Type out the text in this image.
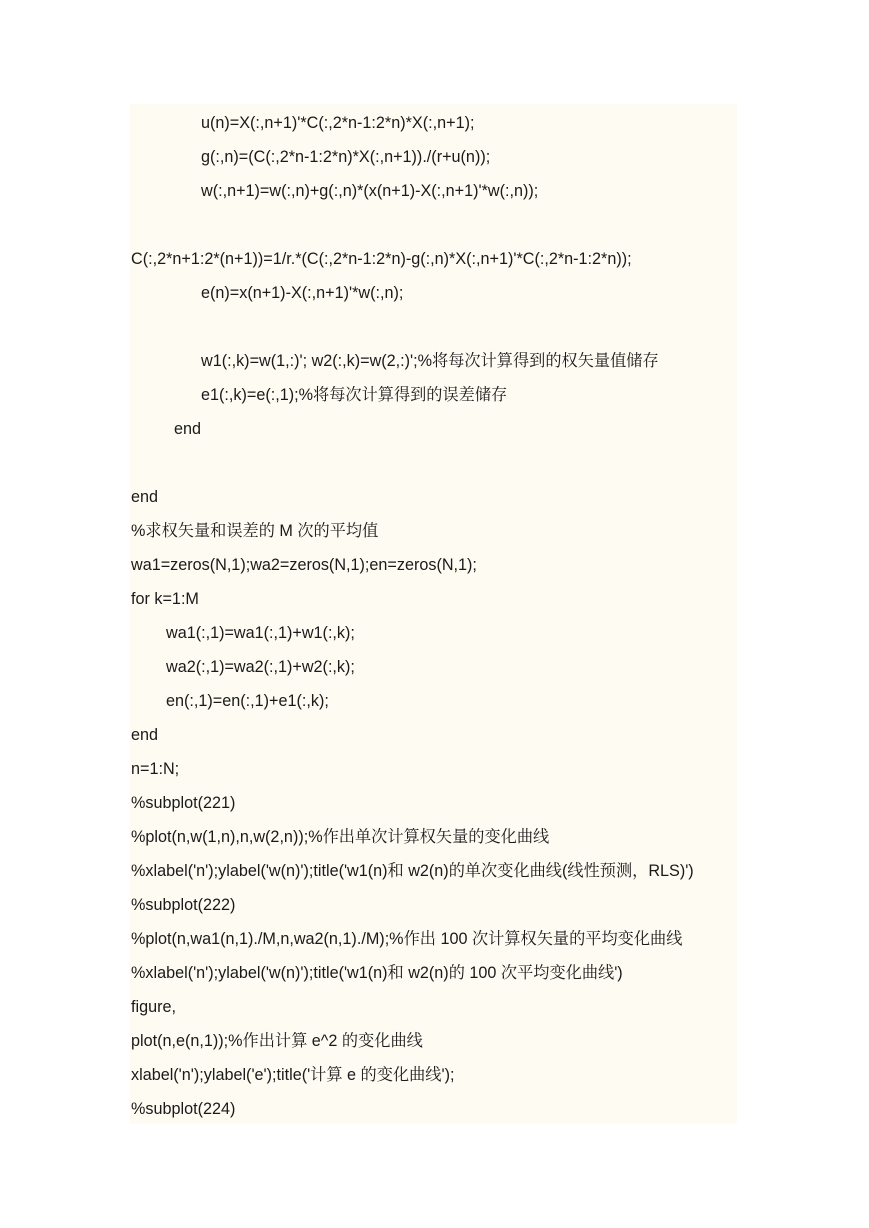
u(n)=X(:,n+1)'*C(:,2*n-1:2*n)*X(:,n+1);
g(:,n)=(C(:,2*n-1:2*n)*X(:,n+1))./(r+u(n));
w(:,n+1)=w(:,n)+g(:,n)*(x(n+1)-X(:,n+1)'*w(:,n));
C(:,2*n+1:2*(n+1))=1/r.*(C(:,2*n-1:2*n)-g(:,n)*X(:,n+1)'*C(:,2*n-1:2*n));
e(n)=x(n+1)-X(:,n+1)'*w(:,n);
w1(:,k)=w(1,:)'; w2(:,k)=w(2,:)';%将每次计算得到的权矢量值储存
e1(:,k)=e(:,1);%将每次计算得到的误差储存
end
end
%求权矢量和误差的 M 次的平均值
wa1=zeros(N,1);wa2=zeros(N,1);en=zeros(N,1);
for k=1:M
wa1(:,1)=wa1(:,1)+w1(:,k);
wa2(:,1)=wa2(:,1)+w2(:,k);
en(:,1)=en(:,1)+e1(:,k);
end
n=1:N;
%subplot(221)
%plot(n,w(1,n),n,w(2,n));%作出单次计算权矢量的变化曲线
%xlabel('n');ylabel('w(n)');title('w1(n)和 w2(n)的单次变化曲线(线性预测，RLS)')
%subplot(222)
%plot(n,wa1(n,1)./M,n,wa2(n,1)./M);%作出 100 次计算权矢量的平均变化曲线
%xlabel('n');ylabel('w(n)');title('w1(n)和 w2(n)的 100 次平均变化曲线')
figure,
plot(n,e(n,1));%作出计算 e^2 的变化曲线
xlabel('n');ylabel('e');title('计算 e 的变化曲线');
%subplot(224)
